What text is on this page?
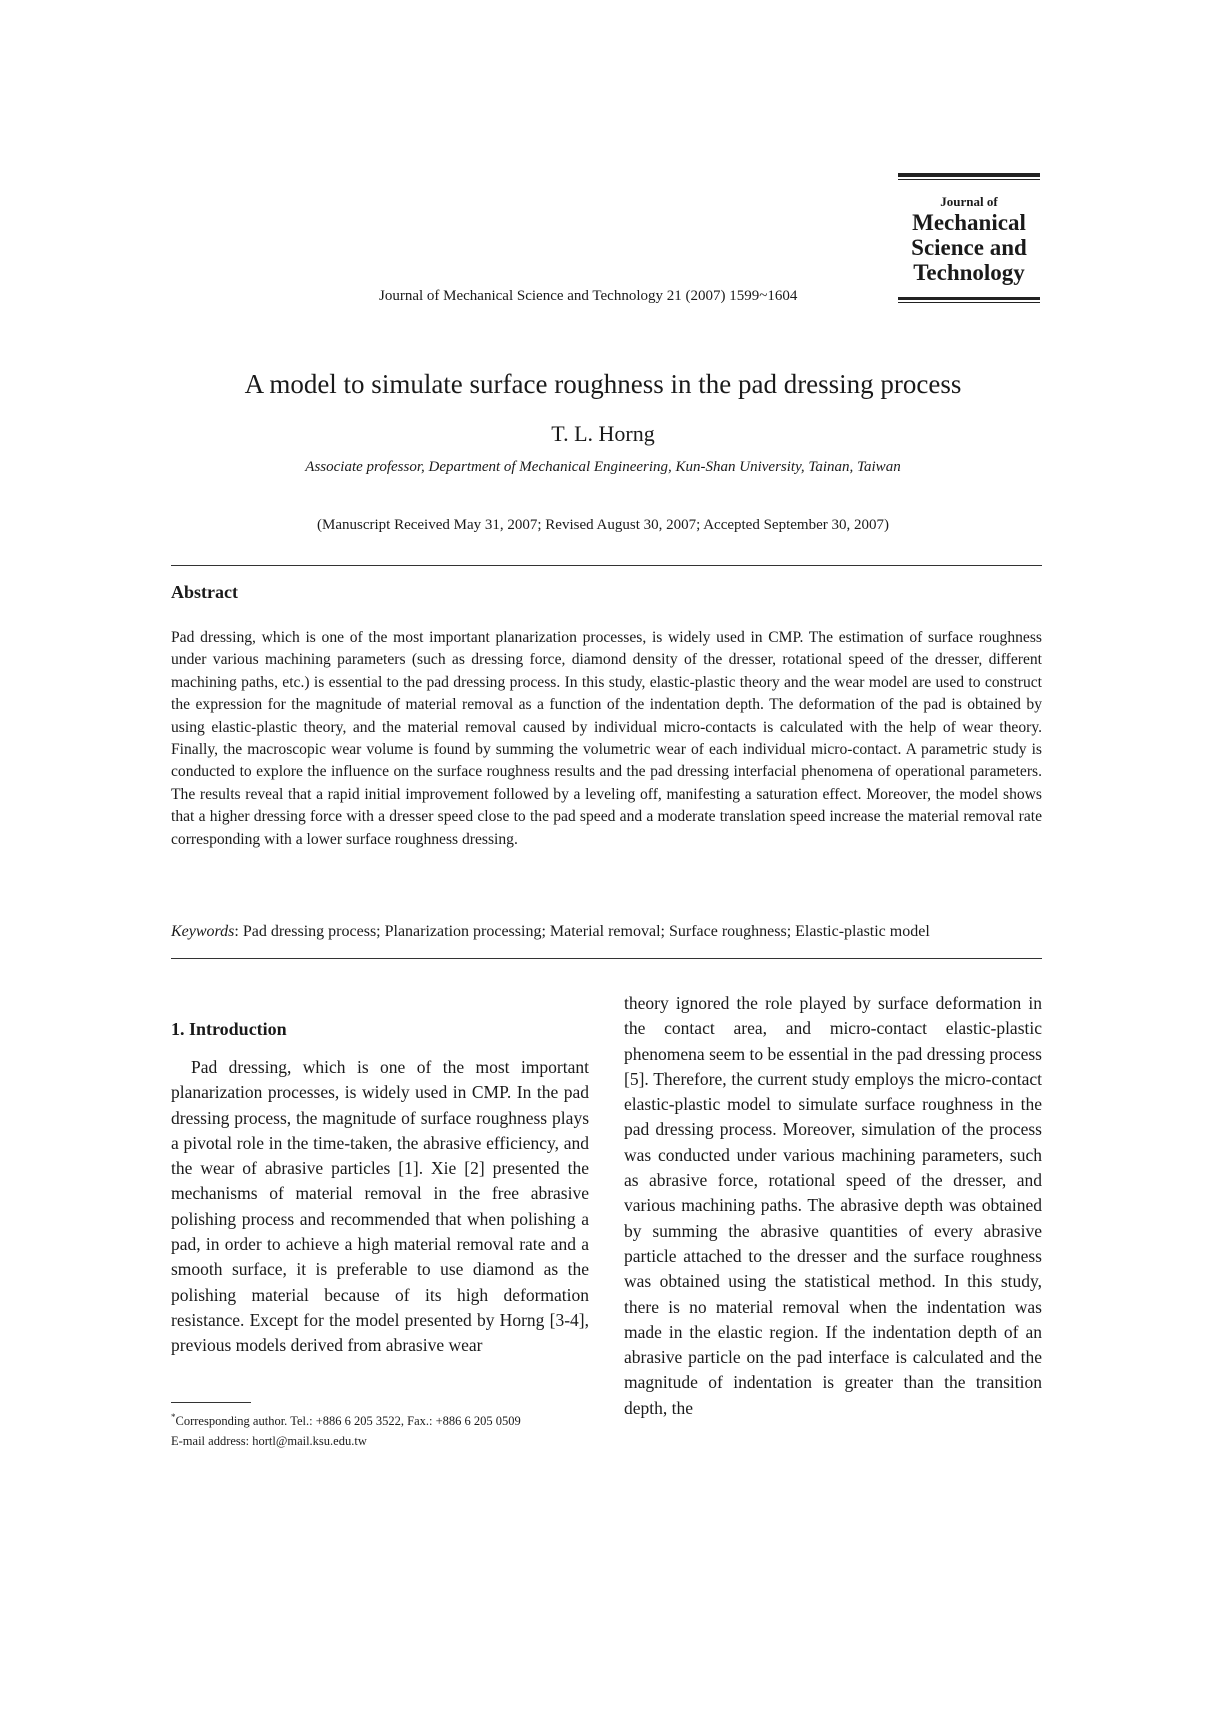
Journal of
Mechanical
Science and
Technology
Journal of Mechanical Science and Technology 21 (2007) 1599~1604
A model to simulate surface roughness in the pad dressing process
T. L. Horng
Associate professor, Department of Mechanical Engineering, Kun-Shan University, Tainan, Taiwan
(Manuscript Received May 31, 2007; Revised August 30, 2007; Accepted September 30, 2007)
Abstract
Pad dressing, which is one of the most important planarization processes, is widely used in CMP. The estimation of surface roughness under various machining parameters (such as dressing force, diamond density of the dresser, rotational speed of the dresser, different machining paths, etc.) is essential to the pad dressing process. In this study, elastic-plastic theory and the wear model are used to construct the expression for the magnitude of material removal as a function of the indentation depth. The deformation of the pad is obtained by using elastic-plastic theory, and the material removal caused by individual micro-contacts is calculated with the help of wear theory. Finally, the macroscopic wear volume is found by summing the volumetric wear of each individual micro-contact. A parametric study is conducted to explore the influence on the surface roughness results and the pad dressing interfacial phenomena of operational parameters. The results reveal that a rapid initial improvement followed by a leveling off, manifesting a saturation effect. Moreover, the model shows that a higher dressing force with a dresser speed close to the pad speed and a moderate translation speed increase the material removal rate corresponding with a lower surface roughness dressing.
Keywords: Pad dressing process; Planarization processing; Material removal; Surface roughness; Elastic-plastic model
1. Introduction

Pad dressing, which is one of the most important planarization processes, is widely used in CMP. In the pad dressing process, the magnitude of surface roughness plays a pivotal role in the time-taken, the abrasive efficiency, and the wear of abrasive particles [1]. Xie [2] presented the mechanisms of material removal in the free abrasive polishing process and recommended that when polishing a pad, in order to achieve a high material removal rate and a smooth surface, it is preferable to use diamond as the polishing material because of its high deformation resistance. Except for the model presented by Horng [3-4], previous models derived from abrasive wear

theory ignored the role played by surface deformation in the contact area, and micro-contact elastic-plastic phenomena seem to be essential in the pad dressing process [5]. Therefore, the current study employs the micro-contact elastic-plastic model to simulate surface roughness in the pad dressing process. Moreover, simulation of the process was conducted under various machining parameters, such as abrasive force, rotational speed of the dresser, and various machining paths. The abrasive depth was obtained by summing the abrasive quantities of every abrasive particle attached to the dresser and the surface roughness was obtained using the statistical method. In this study, there is no material removal when the indentation was made in the elastic region. If the indentation depth of an abrasive particle on the pad interface is calculated and the magnitude of indentation is greater than the transition depth, the

*Corresponding author. Tel.: +886 6 205 3522, Fax.: +886 6 205 0509
E-mail address: hortl@mail.ksu.edu.tw
